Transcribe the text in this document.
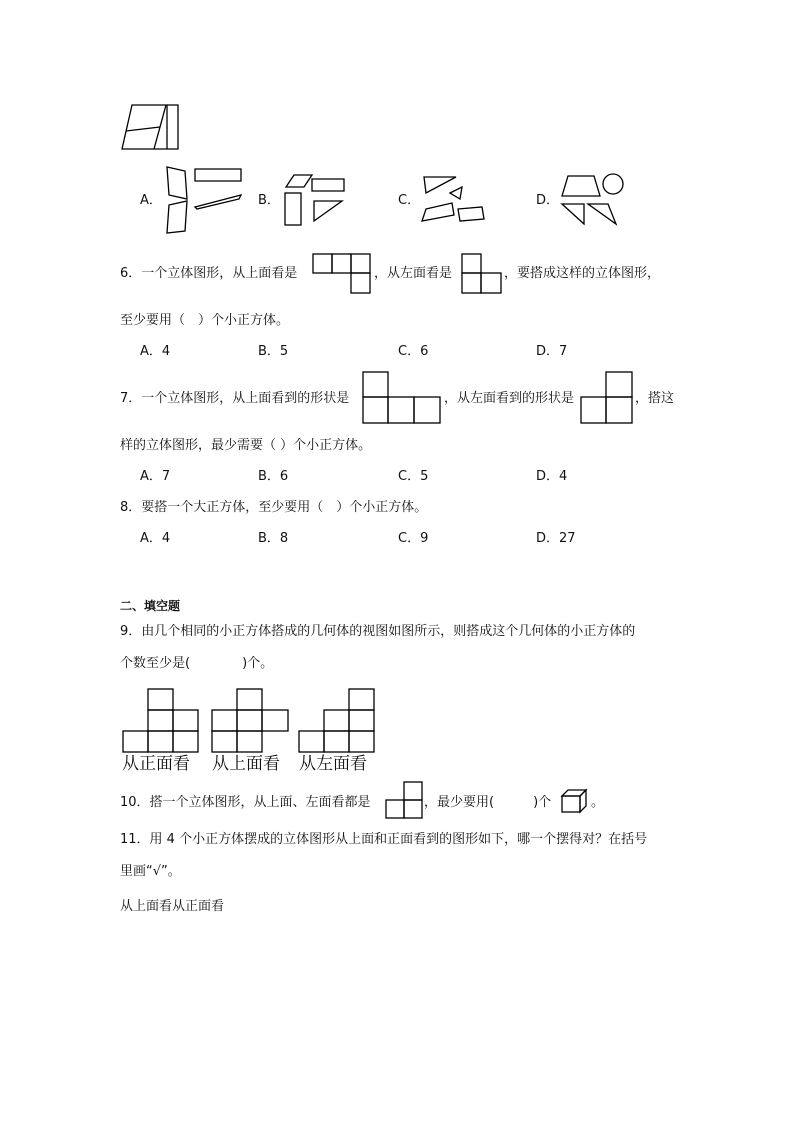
A．	B．	C．	D．
6．一个立体图形，从上面看是	，从左面看是	，要搭成这样的立体图形，
至少要用（　）个小正方体。
A．4	B．5	C．6	D．7
7．一个立体图形，从上面看到的形状是	，从左面看到的形状是	，搭这
样的立体图形，最少需要（ ）个小正方体。
A．7	B．6	C．5	D．4
8．要搭一个大正方体，至少要用（　）个小正方体。
A．4	B．8	C．9	D．27
二、填空题
9．由几个相同的小正方体搭成的几何体的视图如图所示，则搭成这个几何体的小正方体的
个数至少是(　　　　)个。
从正面看 从上面看 从左面看
10．搭一个立体图形，从上面、左面看都是	，最少要用(　　　)个	。
11．用 4 个小正方体摆成的立体图形从上面和正面看到的图形如下，哪一个摆得对？在括号
里画“√”。
从上面看从正面看
